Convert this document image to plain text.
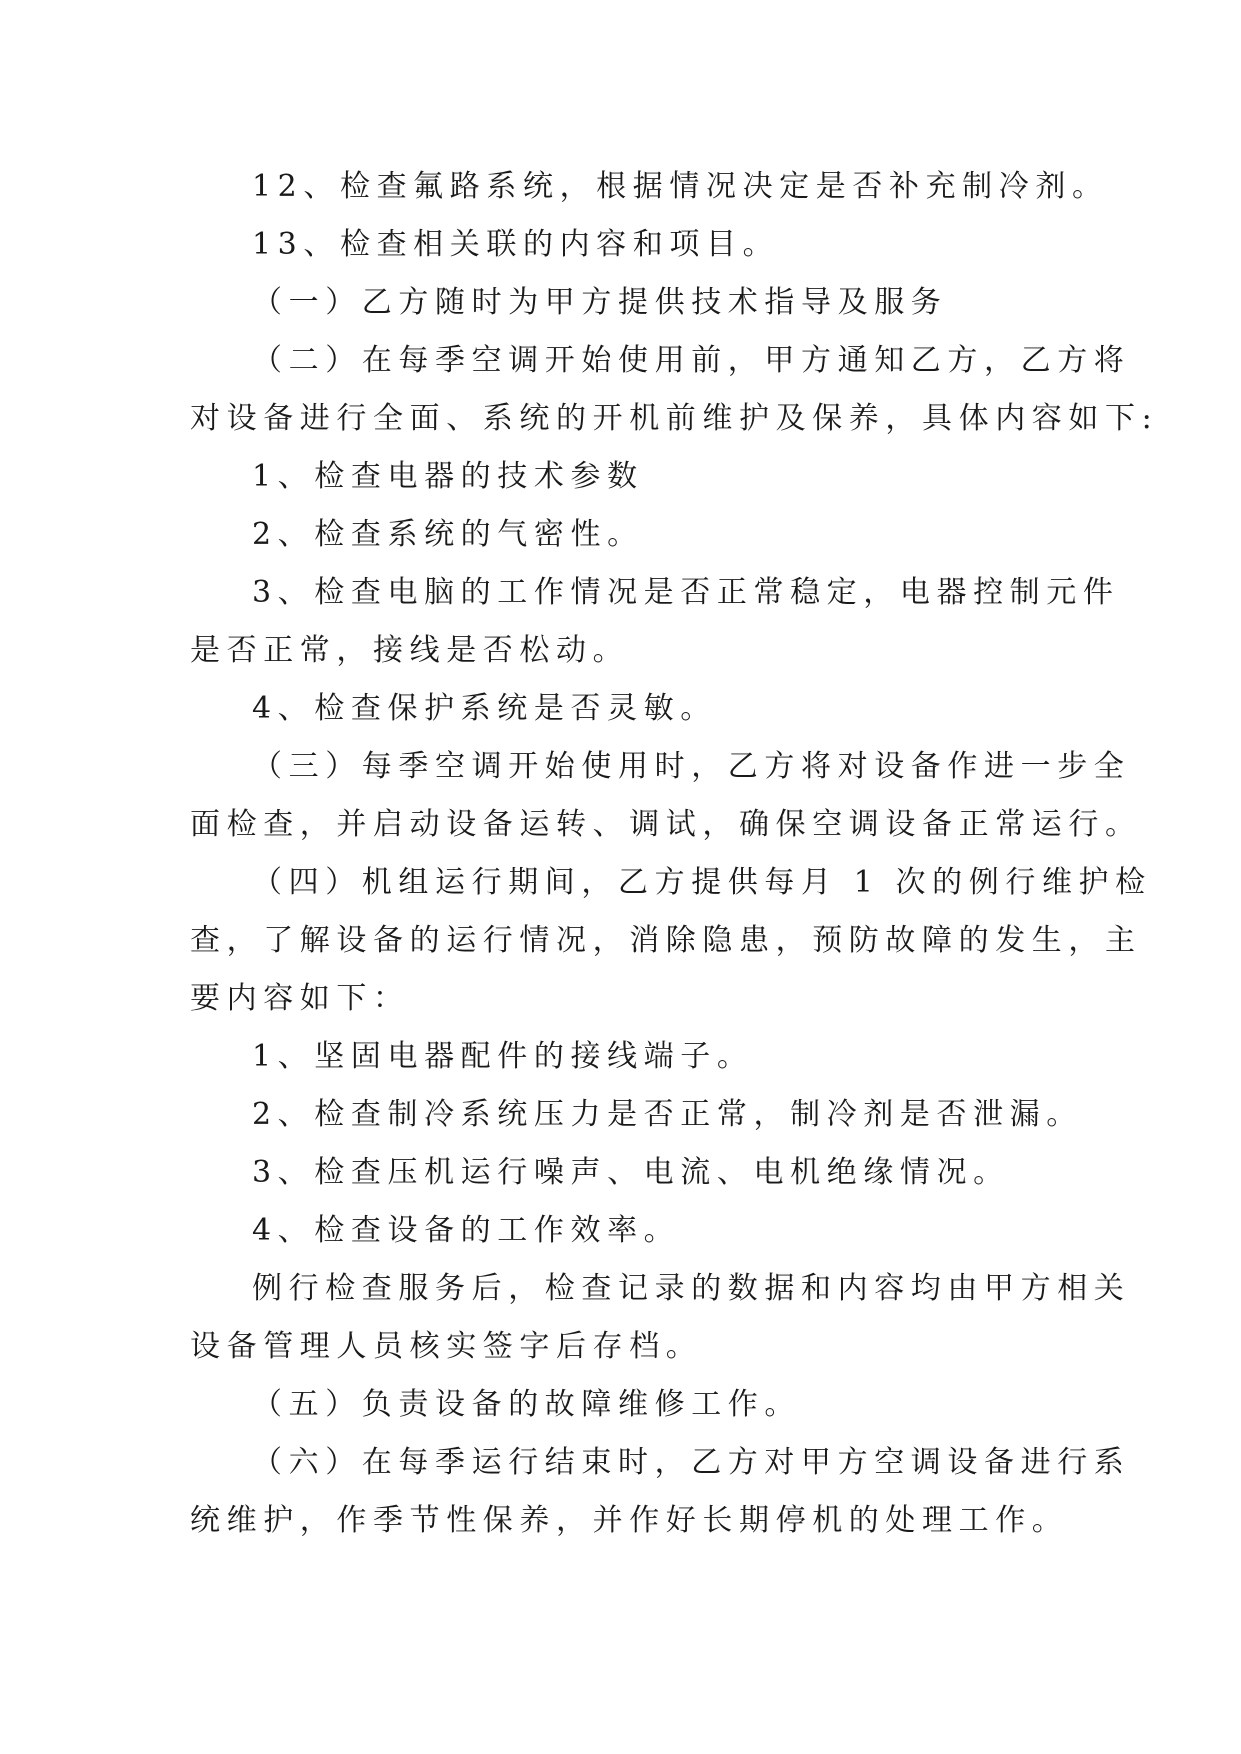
12、检查氟路系统，根据情况决定是否补充制冷剂。
13、检查相关联的内容和项目。
（一）乙方随时为甲方提供技术指导及服务
（二）在每季空调开始使用前，甲方通知乙方，乙方将
对设备进行全面、系统的开机前维护及保养，具体内容如下:
1、检查电器的技术参数
2、检查系统的气密性。
3、检查电脑的工作情况是否正常稳定，电器控制元件
是否正常，接线是否松动。
4、检查保护系统是否灵敏。
（三）每季空调开始使用时，乙方将对设备作进一步全
面检查，并启动设备运转、调试，确保空调设备正常运行。
（四）机组运行期间，乙方提供每月 1 次的例行维护检
查，了解设备的运行情况，消除隐患，预防故障的发生，主
要内容如下：
1、坚固电器配件的接线端子。
2、检查制冷系统压力是否正常，制冷剂是否泄漏。
3、检查压机运行噪声、电流、电机绝缘情况。
4、检查设备的工作效率。
例行检查服务后，检查记录的数据和内容均由甲方相关
设备管理人员核实签字后存档。
（五）负责设备的故障维修工作。
（六）在每季运行结束时，乙方对甲方空调设备进行系
统维护，作季节性保养，并作好长期停机的处理工作。
